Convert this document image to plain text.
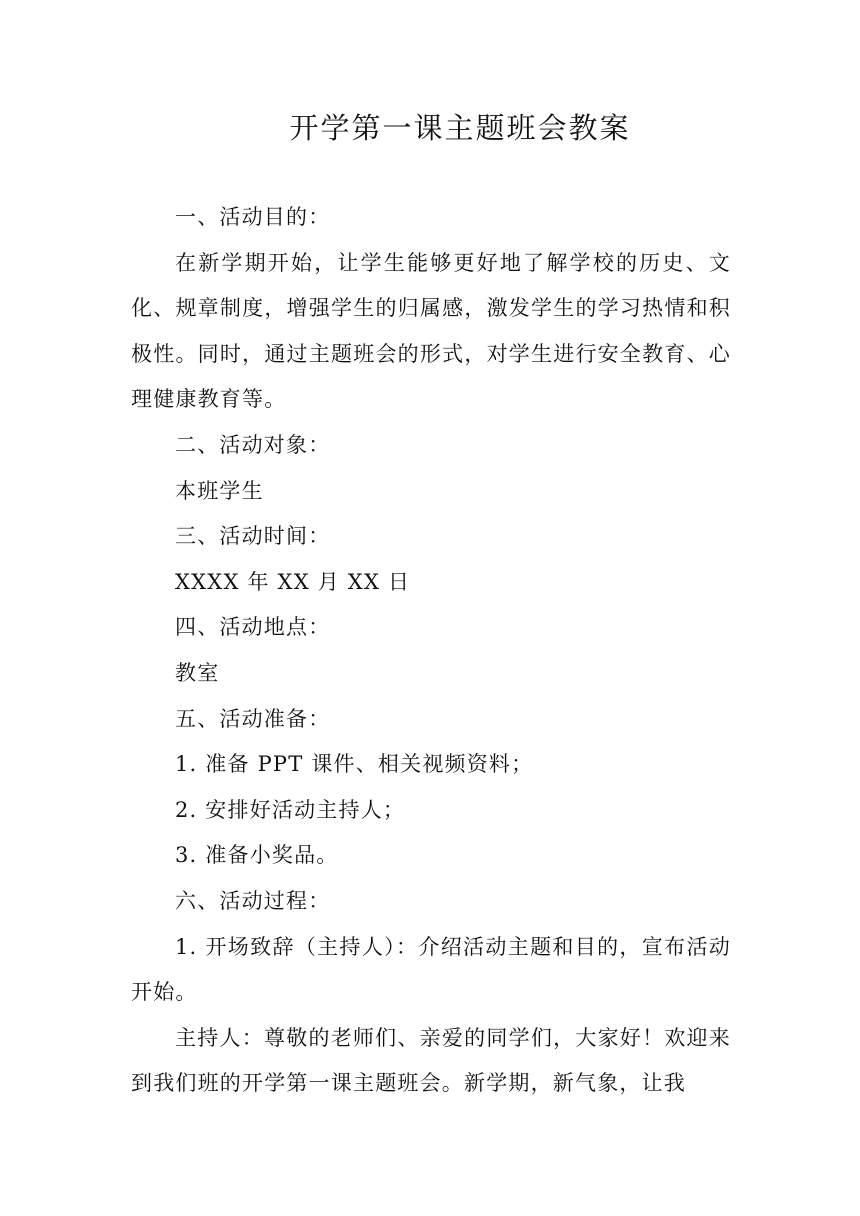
开学第一课主题班会教案

一、活动目的：

在新学期开始，让学生能够更好地了解学校的历史、文化、规章制度，增强学生的归属感，激发学生的学习热情和积极性。同时，通过主题班会的形式，对学生进行安全教育、心理健康教育等。

二、活动对象：

本班学生

三、活动时间：

XXXX 年 XX 月 XX 日

四、活动地点：

教室

五、活动准备：

1. 准备 PPT 课件、相关视频资料；

2. 安排好活动主持人；

3. 准备小奖品。

六、活动过程：

1. 开场致辞（主持人）：介绍活动主题和目的，宣布活动开始。

主持人：尊敬的老师们、亲爱的同学们，大家好！欢迎来到我们班的开学第一课主题班会。新学期，新气象，让我
